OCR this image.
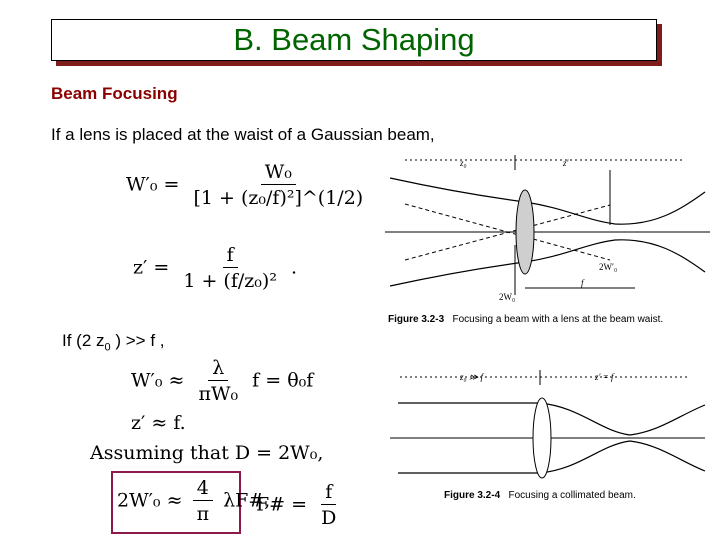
B. Beam Shaping
Beam Focusing
If a lens is placed at the waist of a Gaussian beam,
If (2 $z_0$ ) >> f ,
$W'_0 = \frac{\text{W₀}}{\text{[1 + (z₀/f)²]\textasciicircum{}(1/2)}}$
$z' = \frac{f}{\text{1 + (f/z₀)²}}$ .
$W'_0 \approx \frac{\lambda}{\text{πW₀}}$ f = θ₀f
z′ ≈ f.
Assuming that D = 2W₀,
$2W'_0 \approx \frac{4}{\pi}$ λF#,
F# = $\frac{f}{D}$
z₀	z′
2W′₀
2W₀
f
Figure 3.2-3 Focusing a beam with a lens at the beam waist.
z₀ ≫ f	z′ = f
Figure 3.2-4 Focusing a collimated beam.
